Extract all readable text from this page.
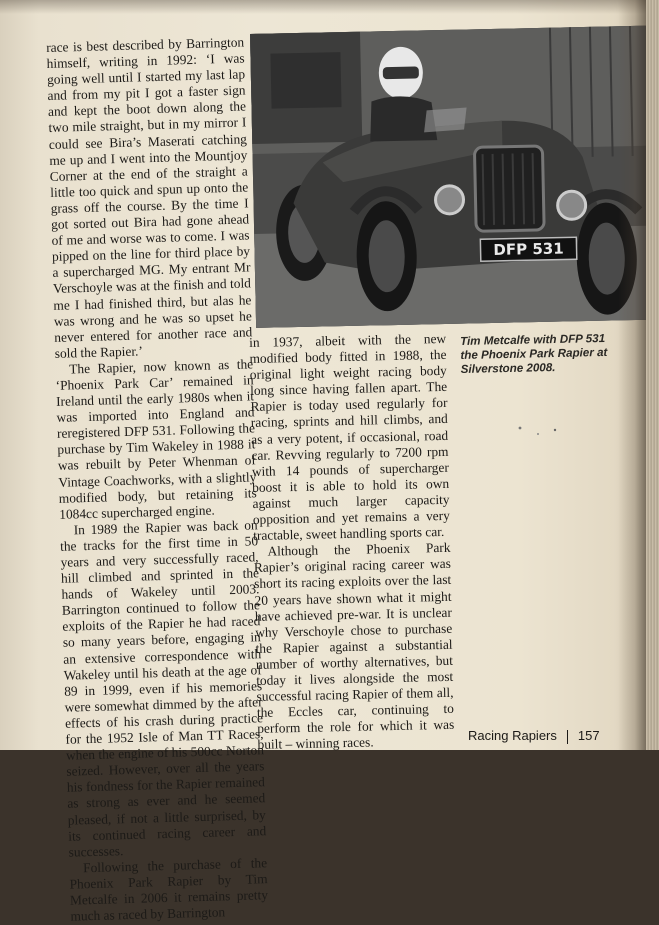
race is best described by Barrington himself, writing in 1992: ‘I was going well until I started my last lap and from my pit I got a faster sign and kept the boot down along the two mile straight, but in my mirror I could see Bira’s Maserati catching me up and I went into the Mountjoy Corner at the end of the straight a little too quick and spun up onto the grass off the course. By the time I got sorted out Bira had gone ahead of me and worse was to come. I was pipped on the line for third place by a supercharged MG. My entrant Mr Verschoyle was at the finish and told me I had finished third, but alas he was wrong and he was so upset he never entered for another race and sold the Rapier.’

The Rapier, now known as the ‘Phoenix Park Car’ remained in Ireland until the early 1980s when it was imported into England and reregistered DFP 531. Following the purchase by Tim Wakeley in 1988 it was rebuilt by Peter Whenman of Vintage Coachworks, with a slightly modified body, but retaining its 1084cc supercharged engine.

In 1989 the Rapier was back on the tracks for the first time in 50 years and very successfully raced, hill climbed and sprinted in the hands of Wakeley until 2003. Barrington continued to follow the exploits of the Rapier he had raced so many years before, engaging in an extensive correspondence with Wakeley until his death at the age of 89 in 1999, even if his memories were somewhat dimmed by the after effects of his crash during practice for the 1952 Isle of Man TT Races, when the engine of his 500cc Norton seized. However, over all the years his fondness for the Rapier remained as strong as ever and he seemed pleased, if not a little surprised, by its continued racing career and successes.

Following the purchase of the Phoenix Park Rapier by Tim Metcalfe in 2006 it remains pretty much as raced by Barrington

DFP 531

in 1937, albeit with the new modified body fitted in 1988, the original light weight racing body long since having fallen apart. The Rapier is today used regularly for racing, sprints and hill climbs, and as a very potent, if occasional, road car. Revving regularly to 7200 rpm with 14 pounds of supercharger boost it is able to hold its own against much larger capacity opposition and yet remains a very tractable, sweet handling sports car.

Although the Phoenix Park Rapier’s original racing career was short its racing exploits over the last 20 years have shown what it might have achieved pre-war. It is unclear why Verschoyle chose to purchase the Rapier against a substantial number of worthy alternatives, but today it lives alongside the most successful racing Rapier of them all, the Eccles car, continuing to perform the role for which it was built – winning races.

Tim Metcalfe with DFP 531 the Phoenix Park Rapier at Silverstone 2008.
Racing Rapiers 157
